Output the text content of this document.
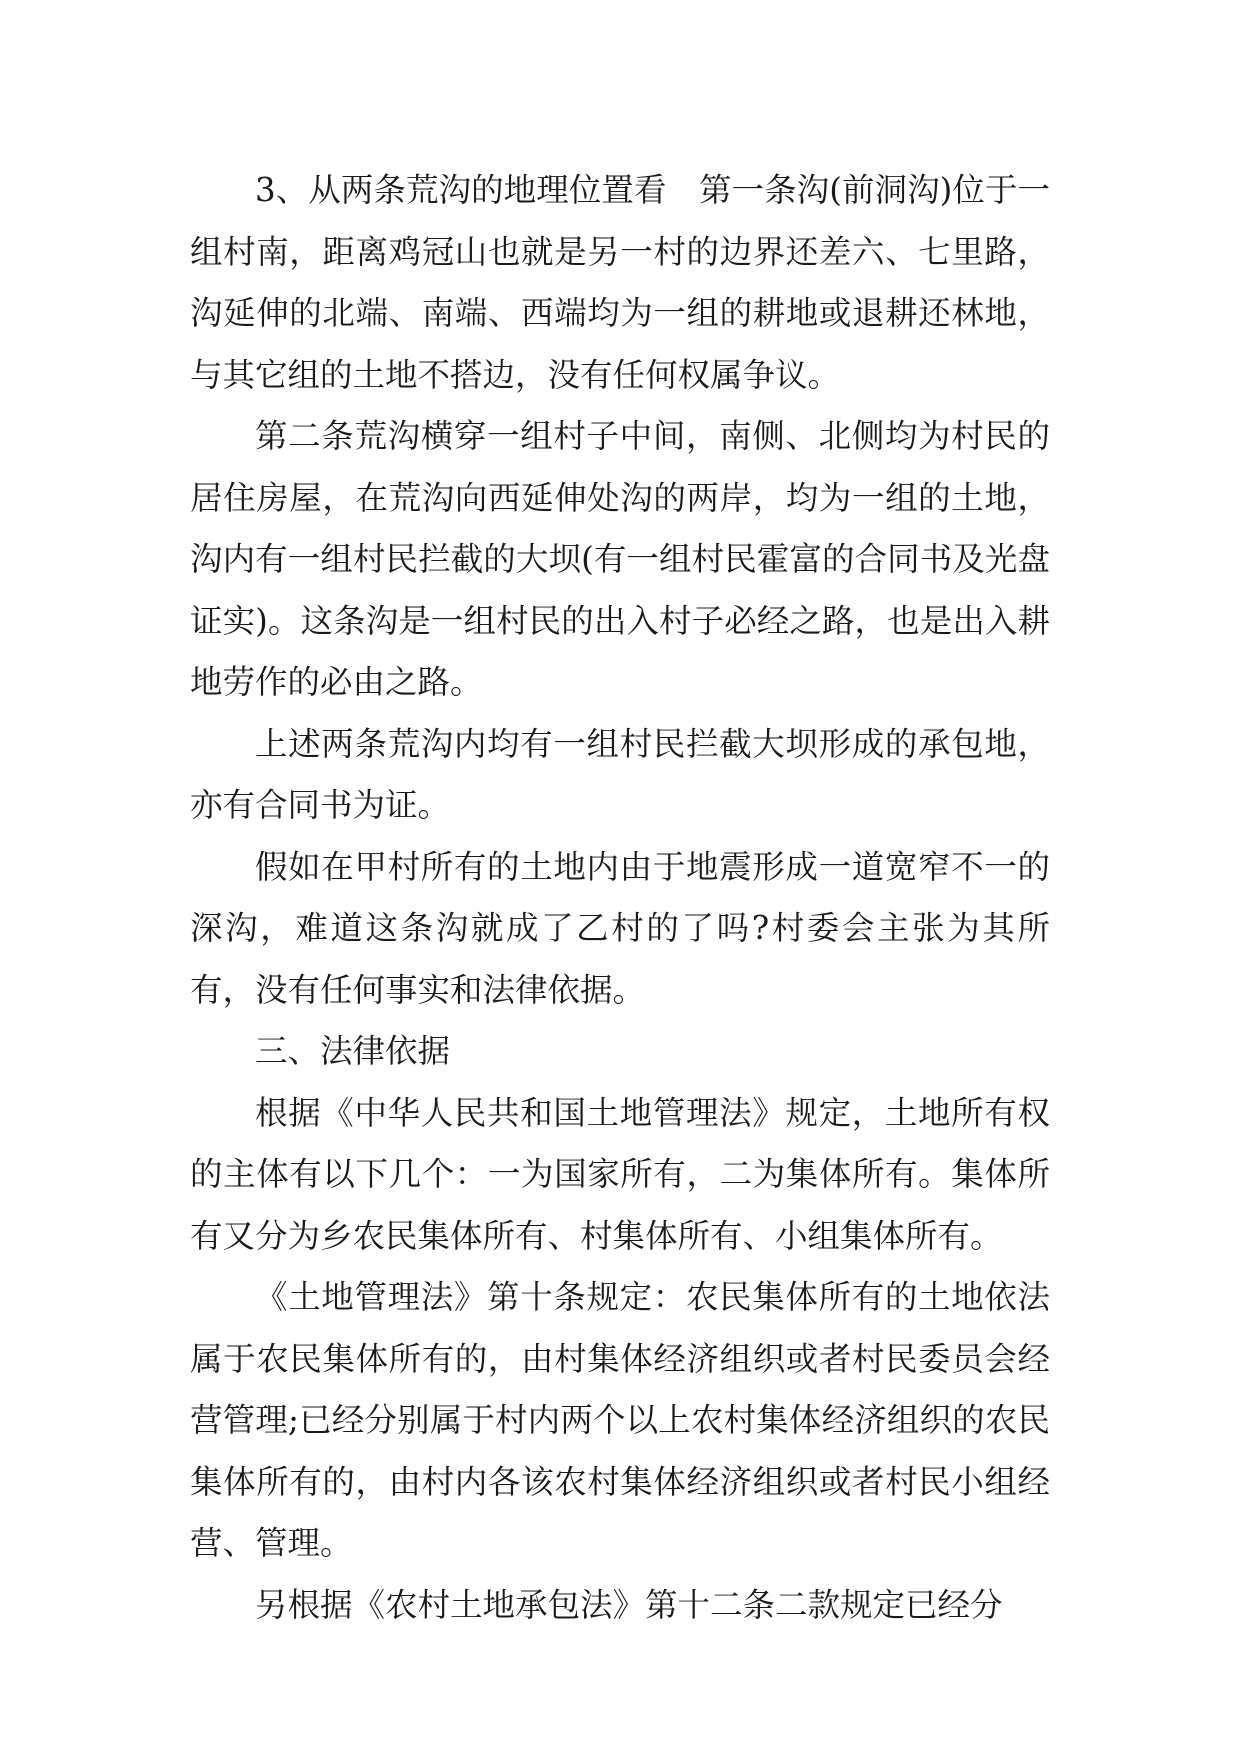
3、从两条荒沟的地理位置看　第一条沟(前洞沟)位于一组村南，距离鸡冠山也就是另一村的边界还差六、七里路，沟延伸的北端、南端、西端均为一组的耕地或退耕还林地，与其它组的土地不搭边，没有任何权属争议。

第二条荒沟横穿一组村子中间，南侧、北侧均为村民的居住房屋，在荒沟向西延伸处沟的两岸，均为一组的土地，沟内有一组村民拦截的大坝(有一组村民霍富的合同书及光盘证实)。这条沟是一组村民的出入村子必经之路，也是出入耕地劳作的必由之路。

上述两条荒沟内均有一组村民拦截大坝形成的承包地，亦有合同书为证。

假如在甲村所有的土地内由于地震形成一道宽窄不一的深沟，难道这条沟就成了乙村的了吗?村委会主张为其所有，没有任何事实和法律依据。

三、法律依据

根据《中华人民共和国土地管理法》规定，土地所有权的主体有以下几个：一为国家所有，二为集体所有。集体所有又分为乡农民集体所有、村集体所有、小组集体所有。

《土地管理法》第十条规定：农民集体所有的土地依法属于农民集体所有的，由村集体经济组织或者村民委员会经营管理;已经分别属于村内两个以上农村集体经济组织的农民集体所有的，由村内各该农村集体经济组织或者村民小组经营、管理。

另根据《农村土地承包法》第十二条二款规定已经分
